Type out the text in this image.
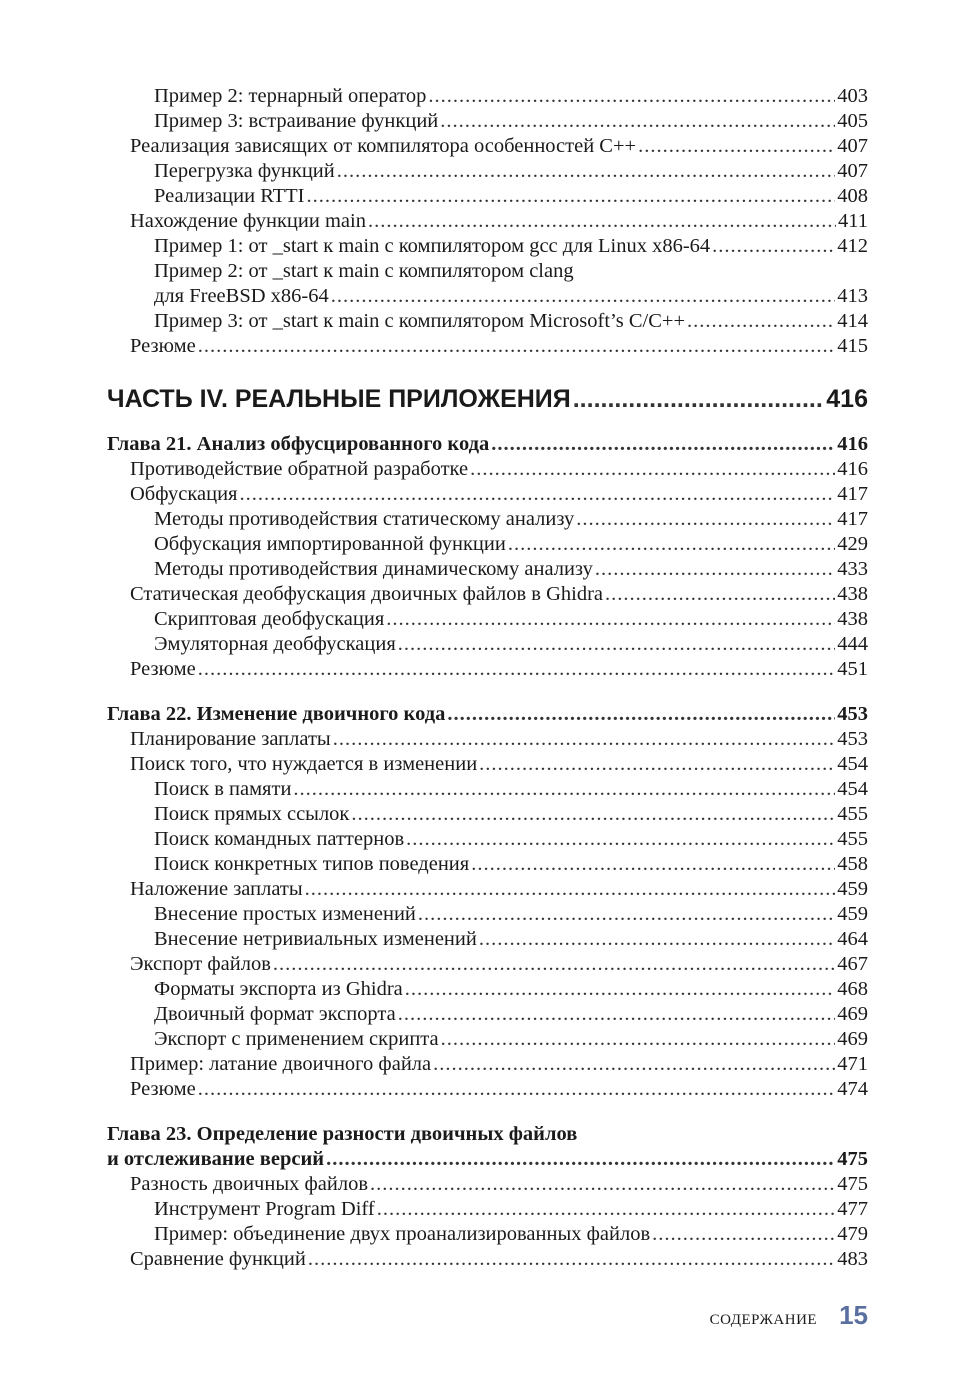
Пример 2: тернарный оператор .....	403
Пример 3: встраивание функций .....	405
Реализация зависящих от компилятора особенностей C++ .....	407
Перегрузка функций .....	407
Реализации RTTI .....	408
Нахождение функции main .....	411
Пример 1: от _start к main с компилятором gcc для Linux x86-64 .....	412
Пример 2: от _start к main с компилятором clang
для FreeBSD x86-64 .....	413
Пример 3: от _start к main с компилятором Microsoft’s C/C++ .....	414
Резюме .....	415
ЧАСТЬ IV. РЕАЛЬНЫЕ ПРИЛОЖЕНИЯ .....	416
Глава 21. Анализ обфусцированного кода .....	416
Противодействие обратной разработке .....	416
Обфускация .....	417
Методы противодействия статическому анализу .....	417
Обфускация импортированной функции .....	429
Методы противодействия динамическому анализу .....	433
Статическая деобфускация двоичных файлов в Ghidra .....	438
Скриптовая деобфускация .....	438
Эмуляторная деобфускация .....	444
Резюме .....	451
Глава 22. Изменение двоичного кода .....	453
Планирование заплаты .....	453
Поиск того, что нуждается в изменении .....	454
Поиск в памяти .....	454
Поиск прямых ссылок .....	455
Поиск командных паттернов .....	455
Поиск конкретных типов поведения .....	458
Наложение заплаты .....	459
Внесение простых изменений .....	459
Внесение нетривиальных изменений .....	464
Экспорт файлов .....	467
Форматы экспорта из Ghidra .....	468
Двоичный формат экспорта .....	469
Экспорт с применением скрипта .....	469
Пример: латание двоичного файла .....	471
Резюме .....	474
Глава 23. Определение разности двоичных файлов
и отслеживание версий .....	475
Разность двоичных файлов .....	475
Инструмент Program Diff .....	477
Пример: объединение двух проанализированных файлов .....	479
Сравнение функций .....	483
СОДЕРЖАНИЕ 15
